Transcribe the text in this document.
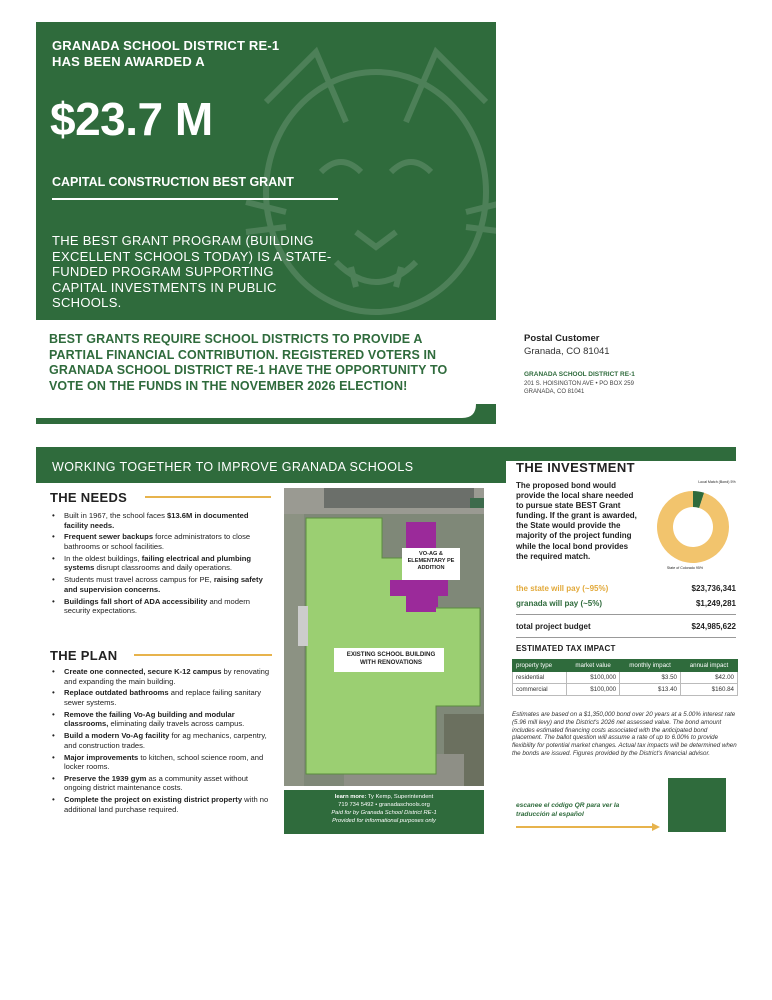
GRANADA SCHOOL DISTRICT RE-1
HAS BEEN AWARDED A
$23.7 M
CAPITAL CONSTRUCTION BEST GRANT
THE BEST GRANT PROGRAM (BUILDING EXCELLENT SCHOOLS TODAY) IS A STATE-FUNDED PROGRAM SUPPORTING CAPITAL INVESTMENTS IN PUBLIC SCHOOLS.
BEST GRANTS REQUIRE SCHOOL DISTRICTS TO PROVIDE A PARTIAL FINANCIAL CONTRIBUTION. REGISTERED VOTERS IN GRANADA SCHOOL DISTRICT RE-1 HAVE THE OPPORTUNITY TO VOTE ON THE FUNDS IN THE NOVEMBER 2026 ELECTION!
Postal Customer
Granada, CO 81041
GRANADA SCHOOL DISTRICT RE-1
201 S. HOISINGTON AVE • PO BOX 259
GRANADA, CO 81041
WORKING TOGETHER TO IMPROVE GRANADA SCHOOLS
THE NEEDS
• Built in 1967, the school faces $13.6M in documented facility needs.
• Frequent sewer backups force administrators to close bathrooms or school facilities.
• In the oldest buildings, failing electrical and plumbing systems disrupt classrooms and daily operations.
• Students must travel across campus for PE, raising safety and supervision concerns.
• Buildings fall short of ADA accessibility and modern security expectations.
THE PLAN
• Create one connected, secure K-12 campus by renovating and expanding the main building.
• Replace outdated bathrooms and replace failing sanitary sewer systems.
• Remove the failing Vo-Ag building and modular classrooms, eliminating daily travels across campus.
• Build a modern Vo-Ag facility for ag mechanics, carpentry, and construction trades.
• Major improvements to kitchen, school science room, and locker rooms.
• Preserve the 1939 gym as a community asset without ongoing district maintenance costs.
• Complete the project on existing district property with no additional land purchase required.
VO-AG & ELEMENTARY PE ADDITION
EXISTING SCHOOL BUILDING WITH RENOVATIONS
learn more: Ty Kemp, Superintendent
719 734 5492 • granadaschools.org
Paid for by Granada School District RE-1
Provided for informational purposes only
THE INVESTMENT
The proposed bond would provide the local share needed to pursue state BEST Grant funding. If the grant is awarded, the State would provide the majority of the project funding while the local bond provides the required match.
Local Match (Bond) 5%
State of Colorado 95%
the state will pay (~95%)	$23,736,341
granada will pay (~5%)	$1,249,281
total project budget	$24,985,622
ESTIMATED TAX IMPACT
property type	market value	monthly impact	annual impact
residential	$100,000	$3.50	$42.00
commercial	$100,000	$13.40	$160.84
Estimates are based on a $1,350,000 bond over 20 years at a 5.00% interest rate (5.96 mill levy) and the District's 2026 net assessed value. The bond amount includes estimated financing costs associated with the anticipated bond placement. The ballot question will assume a rate of up to 6.00% to provide flexibility for potential market changes. Actual tax impacts will be determined when the bonds are issued. Figures provided by the District's financial advisor.
escanee el código QR para ver la traducción al español
